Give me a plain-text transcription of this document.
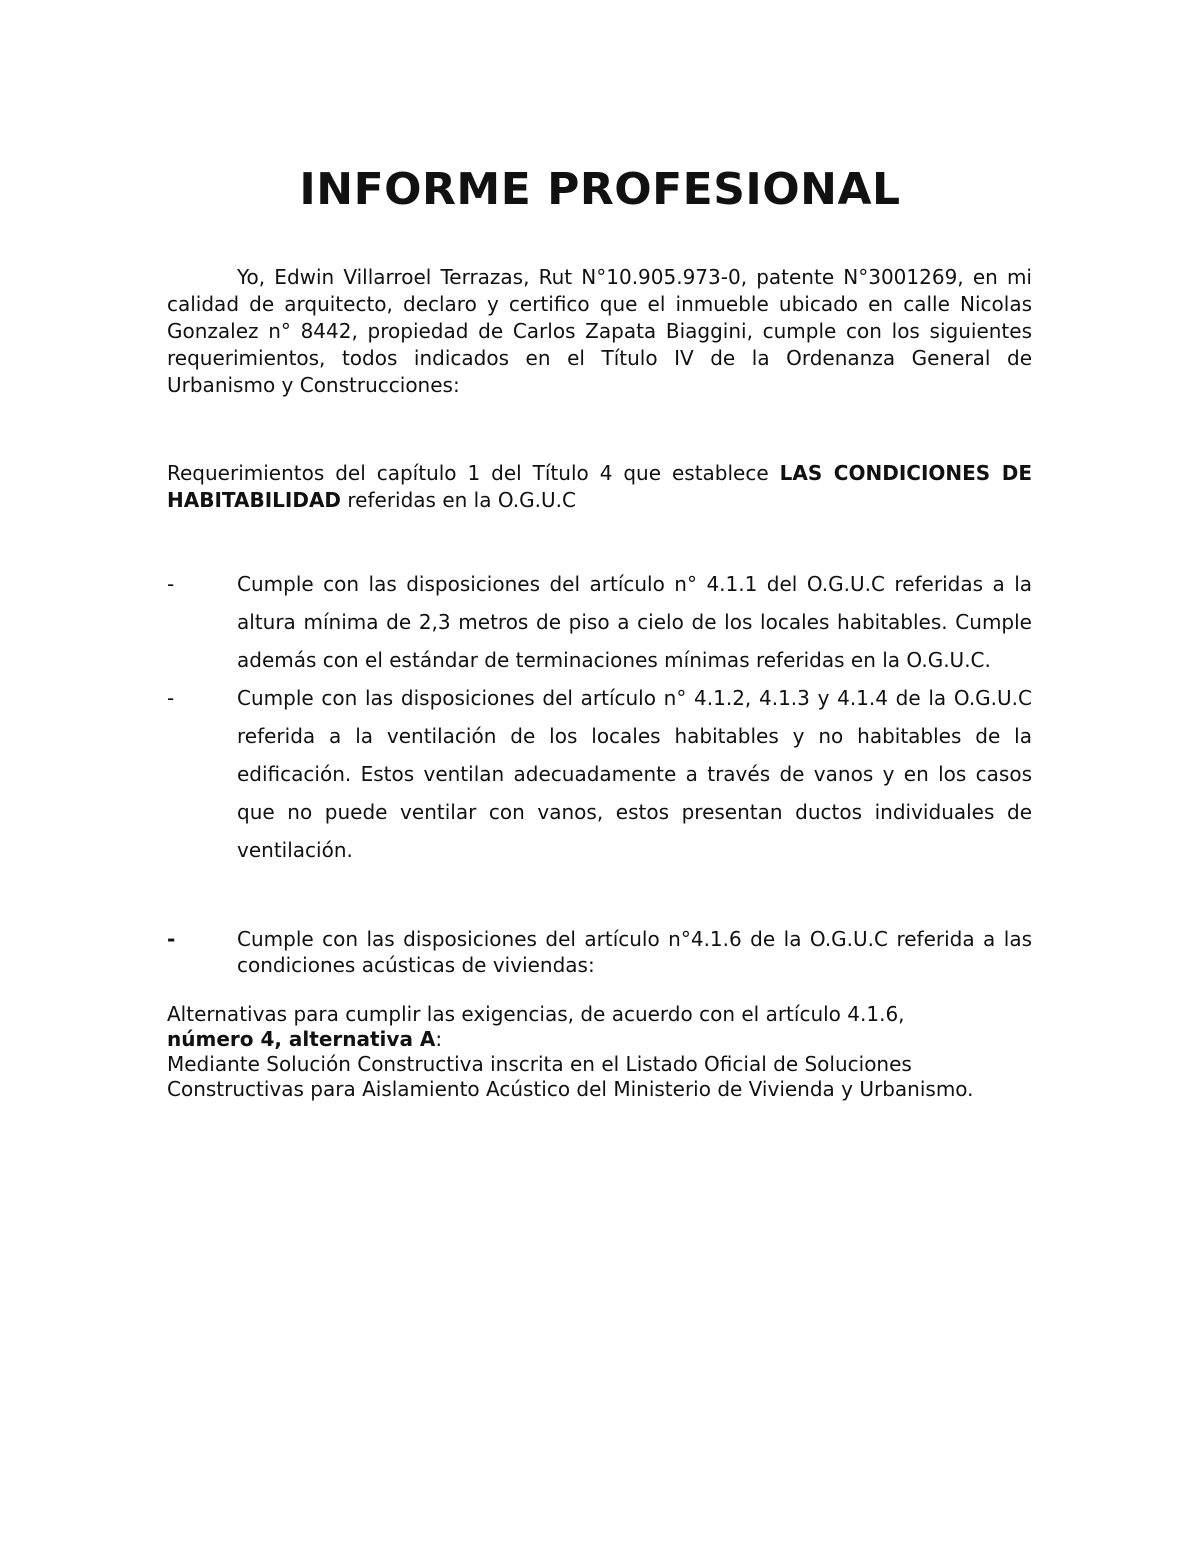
INFORME PROFESIONAL

Yo, Edwin Villarroel Terrazas, Rut N°10.905.973-0, patente N°3001269, en mi calidad de arquitecto, declaro y certifico que el inmueble ubicado en calle Nicolas Gonzalez n° 8442, propiedad de Carlos Zapata Biaggini, cumple con los siguientes requerimientos, todos indicados en el Título IV de la Ordenanza General de Urbanismo y Construcciones:

Requerimientos del capítulo 1 del Título 4 que establece LAS CONDICIONES DE HABITABILIDAD referidas en la O.G.U.C

-	Cumple con las disposiciones del artículo n° 4.1.1 del O.G.U.C referidas a la altura mínima de 2,3 metros de piso a cielo de los locales habitables. Cumple además con el estándar de terminaciones mínimas referidas en la O.G.U.C.
-	Cumple con las disposiciones del artículo n° 4.1.2, 4.1.3 y 4.1.4 de la O.G.U.C referida a la ventilación de los locales habitables y no habitables de la edificación. Estos ventilan adecuadamente a través de vanos y en los casos que no puede ventilar con vanos, estos presentan ductos individuales de ventilación.
-	Cumple con las disposiciones del artículo n°4.1.6 de la O.G.U.C referida a las condiciones acústicas de viviendas:
Alternativas para cumplir las exigencias, de acuerdo con el artículo 4.1.6,
número 4, alternativa A:
Mediante Solución Constructiva inscrita en el Listado Oficial de Soluciones Constructivas para Aislamiento Acústico del Ministerio de Vivienda y Urbanismo.
